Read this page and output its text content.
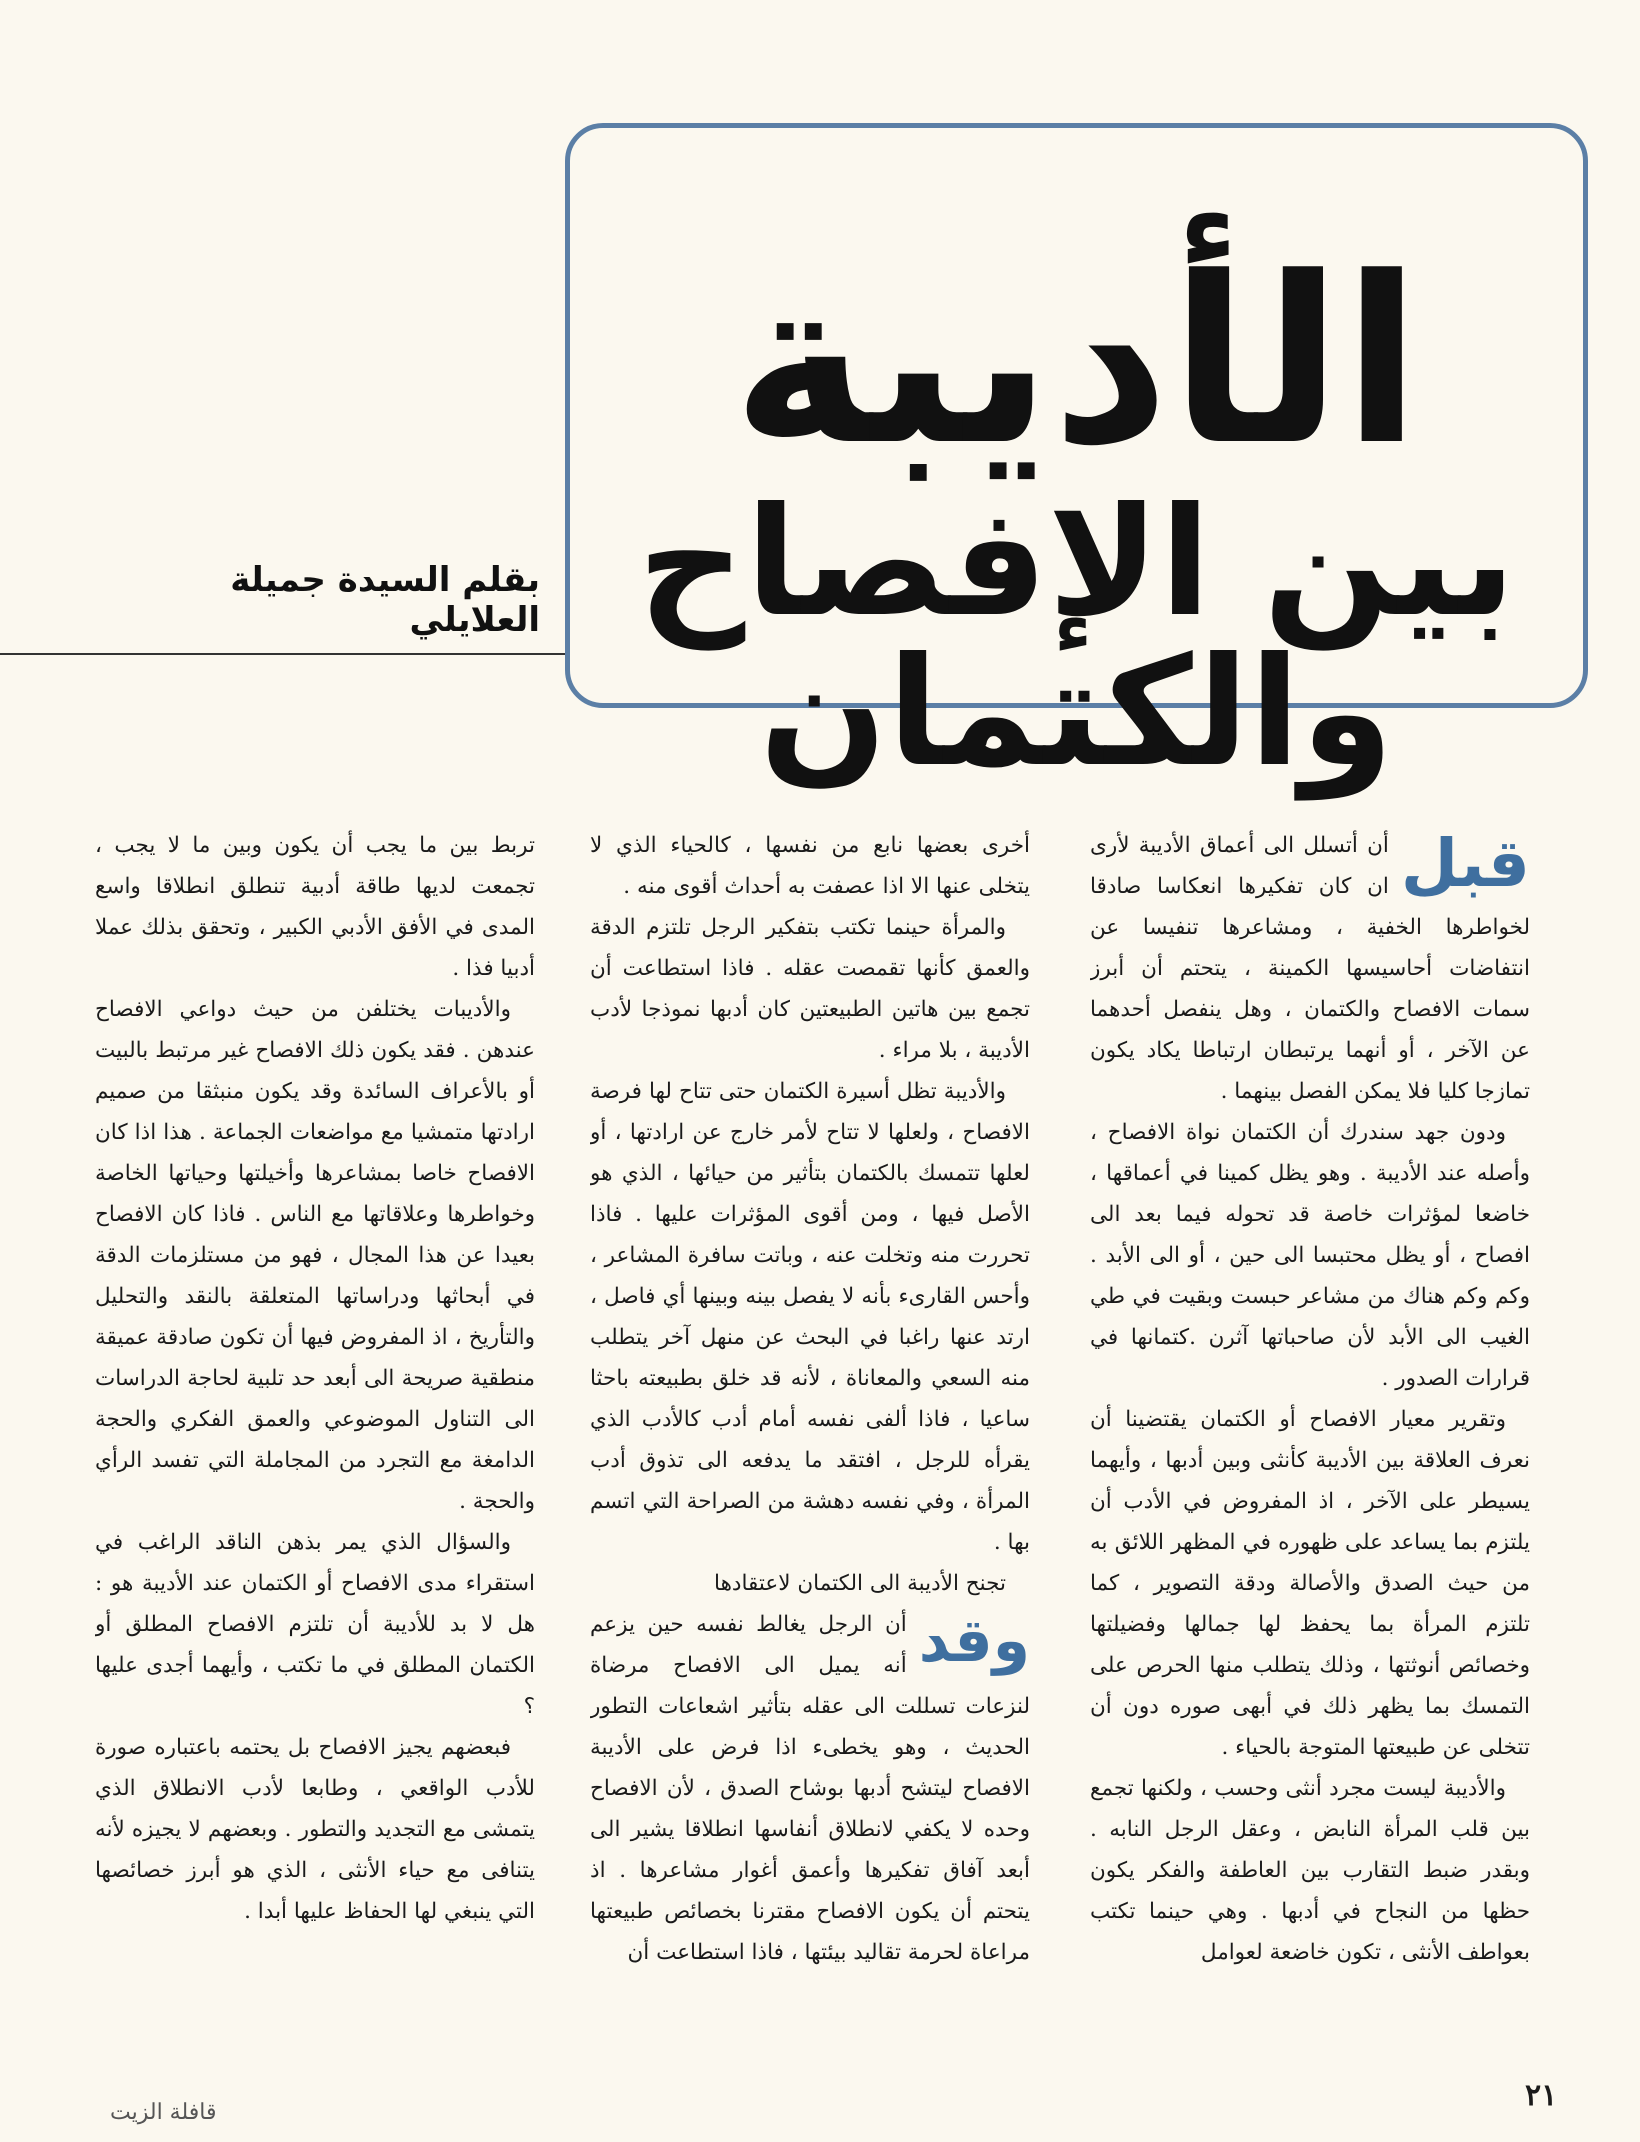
بقلم السيدة جميلة العلايلي
الأديبة
بين الإفصاح والكتمان
قبل

أن أتسلل الى أعماق الأديبة لأرى ان كان تفكيرها انعكاسا صادقا لخواطرها الخفية ، ومشاعرها تنفيسا عن انتفاضات أحاسيسها الكمينة ، يتحتم أن أبرز سمات الافصاح والكتمان ، وهل ينفصل أحدهما عن الآخر ، أو أنهما يرتبطان ارتباطا يكاد يكون تمازجا كليا فلا يمكن الفصل بينهما .

ودون جهد سندرك أن الكتمان نواة الافصاح ، وأصله عند الأديبة . وهو يظل كمينا في أعماقها ، خاضعا لمؤثرات خاصة قد تحوله فيما بعد الى افصاح ، أو يظل محتبسا الى حين ، أو الى الأبد . وكم وكم هناك من مشاعر حبست وبقيت في طي الغيب الى الأبد لأن صاحباتها آثرن .كتمانها في قرارات الصدور .

وتقرير معيار الافصاح أو الكتمان يقتضينا أن نعرف العلاقة بين الأديبة كأنثى وبين أدبها ، وأيهما يسيطر على الآخر ، اذ المفروض في الأدب أن يلتزم بما يساعد على ظهوره في المظهر اللائق به من حيث الصدق والأصالة ودقة التصوير ، كما تلتزم المرأة بما يحفظ لها جمالها وفضيلتها وخصائص أنوثتها ، وذلك يتطلب منها الحرص على التمسك بما يظهر ذلك في أبهى صوره دون أن تتخلى عن طبيعتها المتوجة بالحياء .

والأديبة ليست مجرد أنثى وحسب ، ولكنها تجمع بين قلب المرأة النابض ، وعقل الرجل النابه . وبقدر ضبط التقارب بين العاطفة والفكر يكون حظها من النجاح في أدبها . وهي حينما تكتب بعواطف الأنثى ، تكون خاضعة لعوامل

أخرى بعضها نابع من نفسها ، كالحياء الذي لا يتخلى عنها الا اذا عصفت به أحداث أقوى منه .

والمرأة حينما تكتب بتفكير الرجل تلتزم الدقة والعمق كأنها تقمصت عقله . فاذا استطاعت أن تجمع بين هاتين الطبيعتين كان أدبها نموذجا لأدب الأديبة ، بلا مراء .

والأديبة تظل أسيرة الكتمان حتى تتاح لها فرصة الافصاح ، ولعلها لا تتاح لأمر خارج عن ارادتها ، أو لعلها تتمسك بالكتمان بتأثير من حيائها ، الذي هو الأصل فيها ، ومن أقوى المؤثرات عليها . فاذا تحررت منه وتخلت عنه ، وباتت سافرة المشاعر ، وأحس القارىء بأنه لا يفصل بينه وبينها أي فاصل ، ارتد عنها راغبا في البحث عن منهل آخر يتطلب منه السعي والمعاناة ، لأنه قد خلق بطبيعته باحثا ساعيا ، فاذا ألفى نفسه أمام أدب كالأدب الذي يقرأه للرجل ، افتقد ما يدفعه الى تذوق أدب المرأة ، وفي نفسه دهشة من الصراحة التي اتسم بها .

تجنح الأديبة الى الكتمان لاعتقادها

وقد

أن الرجل يغالط نفسه حين يزعم أنه يميل الى الافصاح مرضاة لنزعات تسللت الى عقله بتأثير اشعاعات التطور الحديث ، وهو يخطىء اذا فرض على الأديبة الافصاح ليتشح أدبها بوشاح الصدق ، لأن الافصاح وحده لا يكفي لانطلاق أنفاسها انطلاقا يشير الى أبعد آفاق تفكيرها وأعمق أغوار مشاعرها . اذ يتحتم أن يكون الافصاح مقترنا بخصائص طبيعتها مراعاة لحرمة تقاليد بيئتها ، فاذا استطاعت أن

تربط بين ما يجب أن يكون وبين ما لا يجب ، تجمعت لديها طاقة أدبية تنطلق انطلاقا واسع المدى في الأفق الأدبي الكبير ، وتحقق بذلك عملا أدبيا فذا .

والأديبات يختلفن من حيث دواعي الافصاح عندهن . فقد يكون ذلك الافصاح غير مرتبط بالبيت أو بالأعراف السائدة وقد يكون منبثقا من صميم ارادتها متمشيا مع مواضعات الجماعة . هذا اذا كان الافصاح خاصا بمشاعرها وأخيلتها وحياتها الخاصة وخواطرها وعلاقاتها مع الناس . فاذا كان الافصاح بعيدا عن هذا المجال ، فهو من مستلزمات الدقة في أبحاثها ودراساتها المتعلقة بالنقد والتحليل والتأريخ ، اذ المفروض فيها أن تكون صادقة عميقة منطقية صريحة الى أبعد حد تلبية لحاجة الدراسات الى التناول الموضوعي والعمق الفكري والحجة الدامغة مع التجرد من المجاملة التي تفسد الرأي والحجة .

والسؤال الذي يمر بذهن الناقد الراغب في استقراء مدى الافصاح أو الكتمان عند الأديبة هو : هل لا بد للأديبة أن تلتزم الافصاح المطلق أو الكتمان المطلق في ما تكتب ، وأيهما أجدى عليها ؟

فبعضهم يجيز الافصاح بل يحتمه باعتباره صورة للأدب الواقعي ، وطابعا لأدب الانطلاق الذي يتمشى مع التجديد والتطور . وبعضهم لا يجيزه لأنه يتنافى مع حياء الأنثى ، الذي هو أبرز خصائصها التي ينبغي لها الحفاظ عليها أبدا .

٢١
قافلة الزيت
